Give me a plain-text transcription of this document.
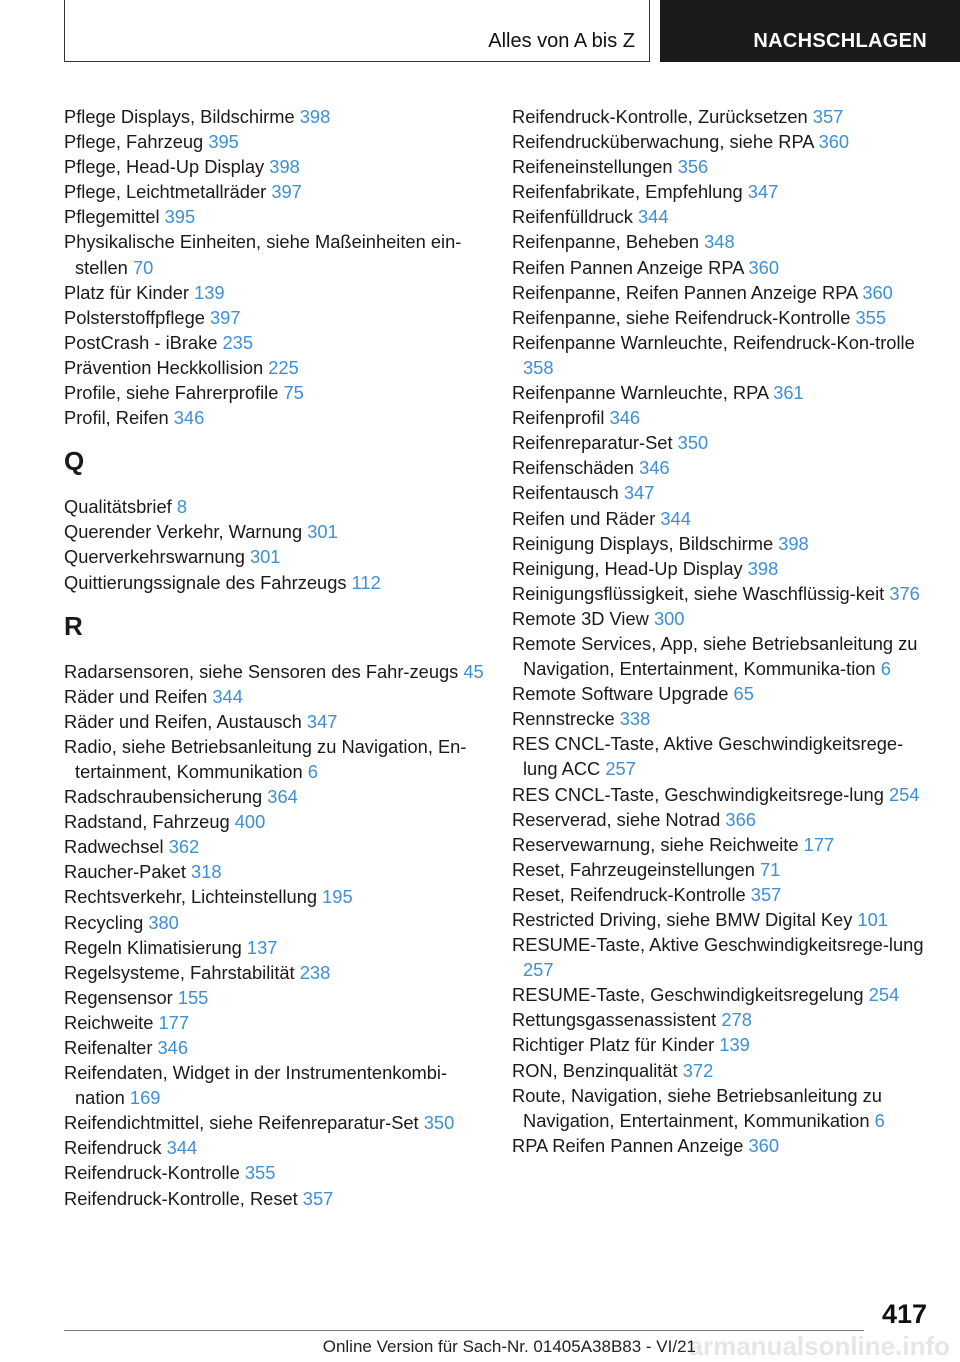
Alles von A bis Z	NACHSCHLAGEN
Pflege Displays, Bildschirme 398
Pflege, Fahrzeug 395
Pflege, Head-Up Display 398
Pflege, Leichtmetallräder 397
Pflegemittel 395
Physikalische Einheiten, siehe Maßeinheiten ein-stellen 70
Platz für Kinder 139
Polsterstoffpflege 397
PostCrash - iBrake 235
Prävention Heckkollision 225
Profile, siehe Fahrerprofile 75
Profil, Reifen 346
Q
Qualitätsbrief 8
Querender Verkehr, Warnung 301
Querverkehrswarnung 301
Quittierungssignale des Fahrzeugs 112
R
Radarsensoren, siehe Sensoren des Fahr-zeugs 45
Räder und Reifen 344
Räder und Reifen, Austausch 347
Radio, siehe Betriebsanleitung zu Navigation, En-tertainment, Kommunikation 6
Radschraubensicherung 364
Radstand, Fahrzeug 400
Radwechsel 362
Raucher-Paket 318
Rechtsverkehr, Lichteinstellung 195
Recycling 380
Regeln Klimatisierung 137
Regelsysteme, Fahrstabilität 238
Regensensor 155
Reichweite 177
Reifenalter 346
Reifendaten, Widget in der Instrumentenkombi-nation 169
Reifendichtmittel, siehe Reifenreparatur-Set 350
Reifendruck 344
Reifendruck-Kontrolle 355
Reifendruck-Kontrolle, Reset 357
Reifendruck-Kontrolle, Zurücksetzen 357
Reifendrucküberwachung, siehe RPA 360
Reifeneinstellungen 356
Reifenfabrikate, Empfehlung 347
Reifenfülldruck 344
Reifenpanne, Beheben 348
Reifen Pannen Anzeige RPA 360
Reifenpanne, Reifen Pannen Anzeige RPA 360
Reifenpanne, siehe Reifendruck-Kontrolle 355
Reifenpanne Warnleuchte, Reifendruck-Kon-trolle 358
Reifenpanne Warnleuchte, RPA 361
Reifenprofil 346
Reifenreparatur-Set 350
Reifenschäden 346
Reifentausch 347
Reifen und Räder 344
Reinigung Displays, Bildschirme 398
Reinigung, Head-Up Display 398
Reinigungsflüssigkeit, siehe Waschflüssig-keit 376
Remote 3D View 300
Remote Services, App, siehe Betriebsanleitung zu Navigation, Entertainment, Kommunika-tion 6
Remote Software Upgrade 65
Rennstrecke 338
RES CNCL-Taste, Aktive Geschwindigkeitsrege-lung ACC 257
RES CNCL-Taste, Geschwindigkeitsrege-lung 254
Reserverad, siehe Notrad 366
Reservewarnung, siehe Reichweite 177
Reset, Fahrzeugeinstellungen 71
Reset, Reifendruck-Kontrolle 357
Restricted Driving, siehe BMW Digital Key 101
RESUME-Taste, Aktive Geschwindigkeitsrege-lung 257
RESUME-Taste, Geschwindigkeitsregelung 254
Rettungsgassenassistent 278
Richtiger Platz für Kinder 139
RON, Benzinqualität 372
Route, Navigation, siehe Betriebsanleitung zu Navigation, Entertainment, Kommunikation 6
RPA Reifen Pannen Anzeige 360
417
armanualsonline.info
Online Version für Sach-Nr. 01405A38B83 - VI/21
